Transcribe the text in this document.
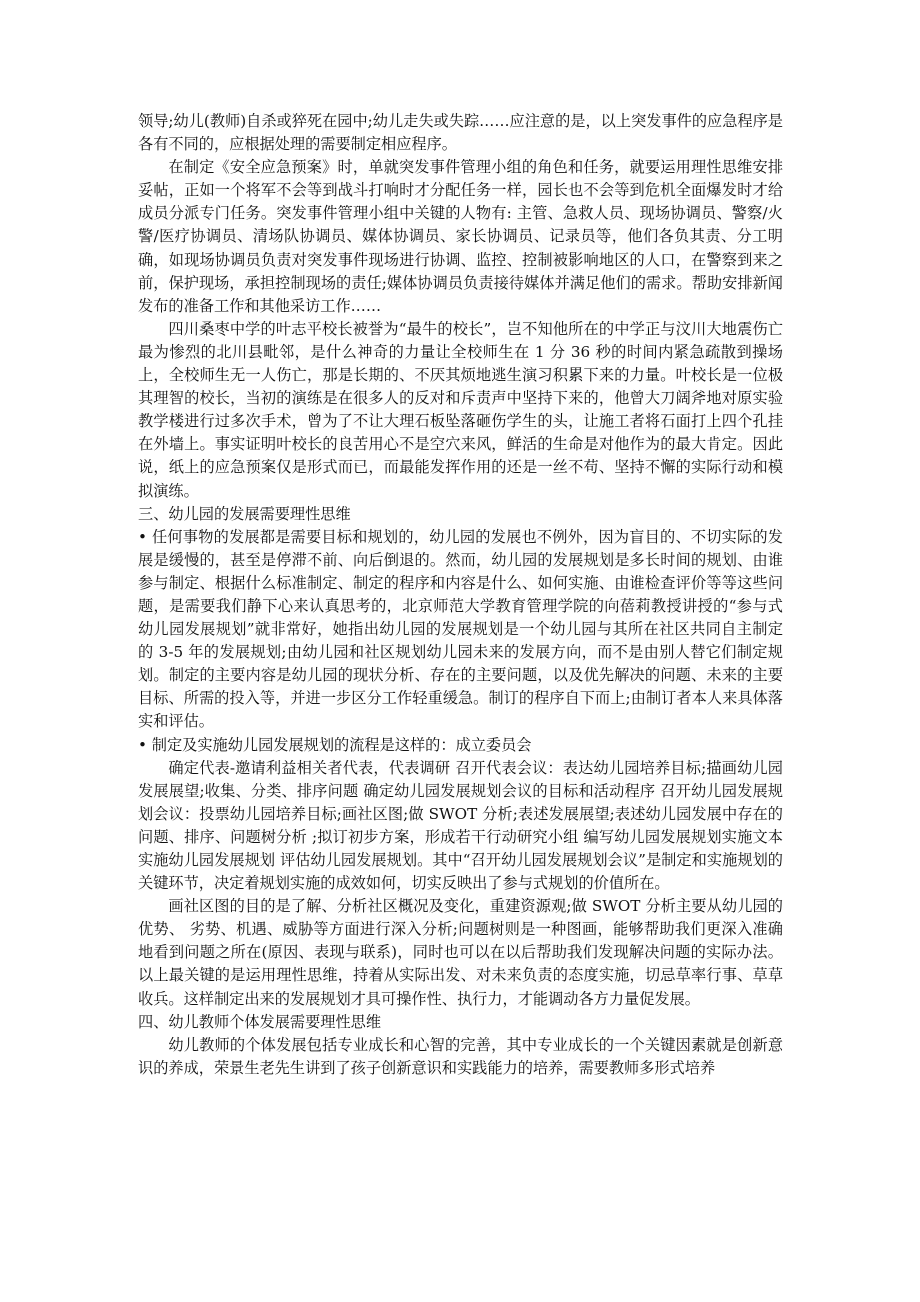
领导;幼儿(教师)自杀或猝死在园中;幼儿走失或失踪……应注意的是，以上突发事件的应急程序是各有不同的，应根据处理的需要制定相应程序。

在制定《安全应急预案》时，单就突发事件管理小组的角色和任务，就要运用理性思维安排妥帖，正如一个将军不会等到战斗打响时才分配任务一样，园长也不会等到危机全面爆发时才给成员分派专门任务。突发事件管理小组中关键的人物有: 主管、急救人员、现场协调员、警察/火警/医疗协调员、清场队协调员、媒体协调员、家长协调员、记录员等，他们各负其责、分工明确，如现场协调员负责对突发事件现场进行协调、监控、控制被影响地区的人口，在警察到来之前，保护现场，承担控制现场的责任;媒体协调员负责接待媒体并满足他们的需求。帮助安排新闻发布的准备工作和其他采访工作……

四川桑枣中学的叶志平校长被誉为“最牛的校长”，岂不知他所在的中学正与汶川大地震伤亡最为惨烈的北川县毗邻，是什么神奇的力量让全校师生在 1 分 36 秒的时间内紧急疏散到操场上，全校师生无一人伤亡，那是长期的、不厌其烦地逃生演习积累下来的力量。叶校长是一位极其理智的校长，当初的演练是在很多人的反对和斥责声中坚持下来的，他曾大刀阔斧地对原实验教学楼进行过多次手术，曾为了不让大理石板坠落砸伤学生的头，让施工者将石面打上四个孔挂在外墙上。事实证明叶校长的良苦用心不是空穴来风，鲜活的生命是对他作为的最大肯定。因此说，纸上的应急预案仅是形式而已，而最能发挥作用的还是一丝不苟、坚持不懈的实际行动和模拟演练。

三、幼儿园的发展需要理性思维

• 任何事物的发展都是需要目标和规划的，幼儿园的发展也不例外，因为盲目的、不切实际的发展是缓慢的，甚至是停滞不前、向后倒退的。然而，幼儿园的发展规划是多长时间的规划、由谁参与制定、根据什么标准制定、制定的程序和内容是什么、如何实施、由谁检查评价等等这些问题，是需要我们静下心来认真思考的，北京师范大学教育管理学院的向蓓莉教授讲授的“参与式幼儿园发展规划”就非常好，她指出幼儿园的发展规划是一个幼儿园与其所在社区共同自主制定的 3-5 年的发展规划;由幼儿园和社区规划幼儿园未来的发展方向，而不是由别人替它们制定规划。制定的主要内容是幼儿园的现状分析、存在的主要问题，以及优先解决的问题、未来的主要目标、所需的投入等，并进一步区分工作轻重缓急。制订的程序自下而上;由制订者本人来具体落实和评估。

• 制定及实施幼儿园发展规划的流程是这样的：成立委员会

确定代表-邀请利益相关者代表，代表调研 召开代表会议：表达幼儿园培养目标;描画幼儿园发展展望;收集、分类、排序问题 确定幼儿园发展规划会议的目标和活动程序 召开幼儿园发展规划会议：投票幼儿园培养目标;画社区图;做 SWOT 分析;表述发展展望;表述幼儿园发展中存在的问题、排序、问题树分析 ;拟订初步方案，形成若干行动研究小组 编写幼儿园发展规划实施文本 实施幼儿园发展规划 评估幼儿园发展规划。其中“召开幼儿园发展规划会议”是制定和实施规划的关键环节，决定着规划实施的成效如何，切实反映出了参与式规划的价值所在。

画社区图的目的是了解、分析社区概况及变化，重建资源观;做 SWOT 分析主要从幼儿园的优势、 劣势、机遇、威胁等方面进行深入分析;问题树则是一种图画，能够帮助我们更深入准确地看到问题之所在(原因、表现与联系)，同时也可以在以后帮助我们发现解决问题的实际办法。以上最关键的是运用理性思维，持着从实际出发、对未来负责的态度实施，切忌草率行事、草草收兵。这样制定出来的发展规划才具可操作性、执行力，才能调动各方力量促发展。

四、幼儿教师个体发展需要理性思维

幼儿教师的个体发展包括专业成长和心智的完善，其中专业成长的一个关键因素就是创新意识的养成，荣景生老先生讲到了孩子创新意识和实践能力的培养，需要教师多形式培养
